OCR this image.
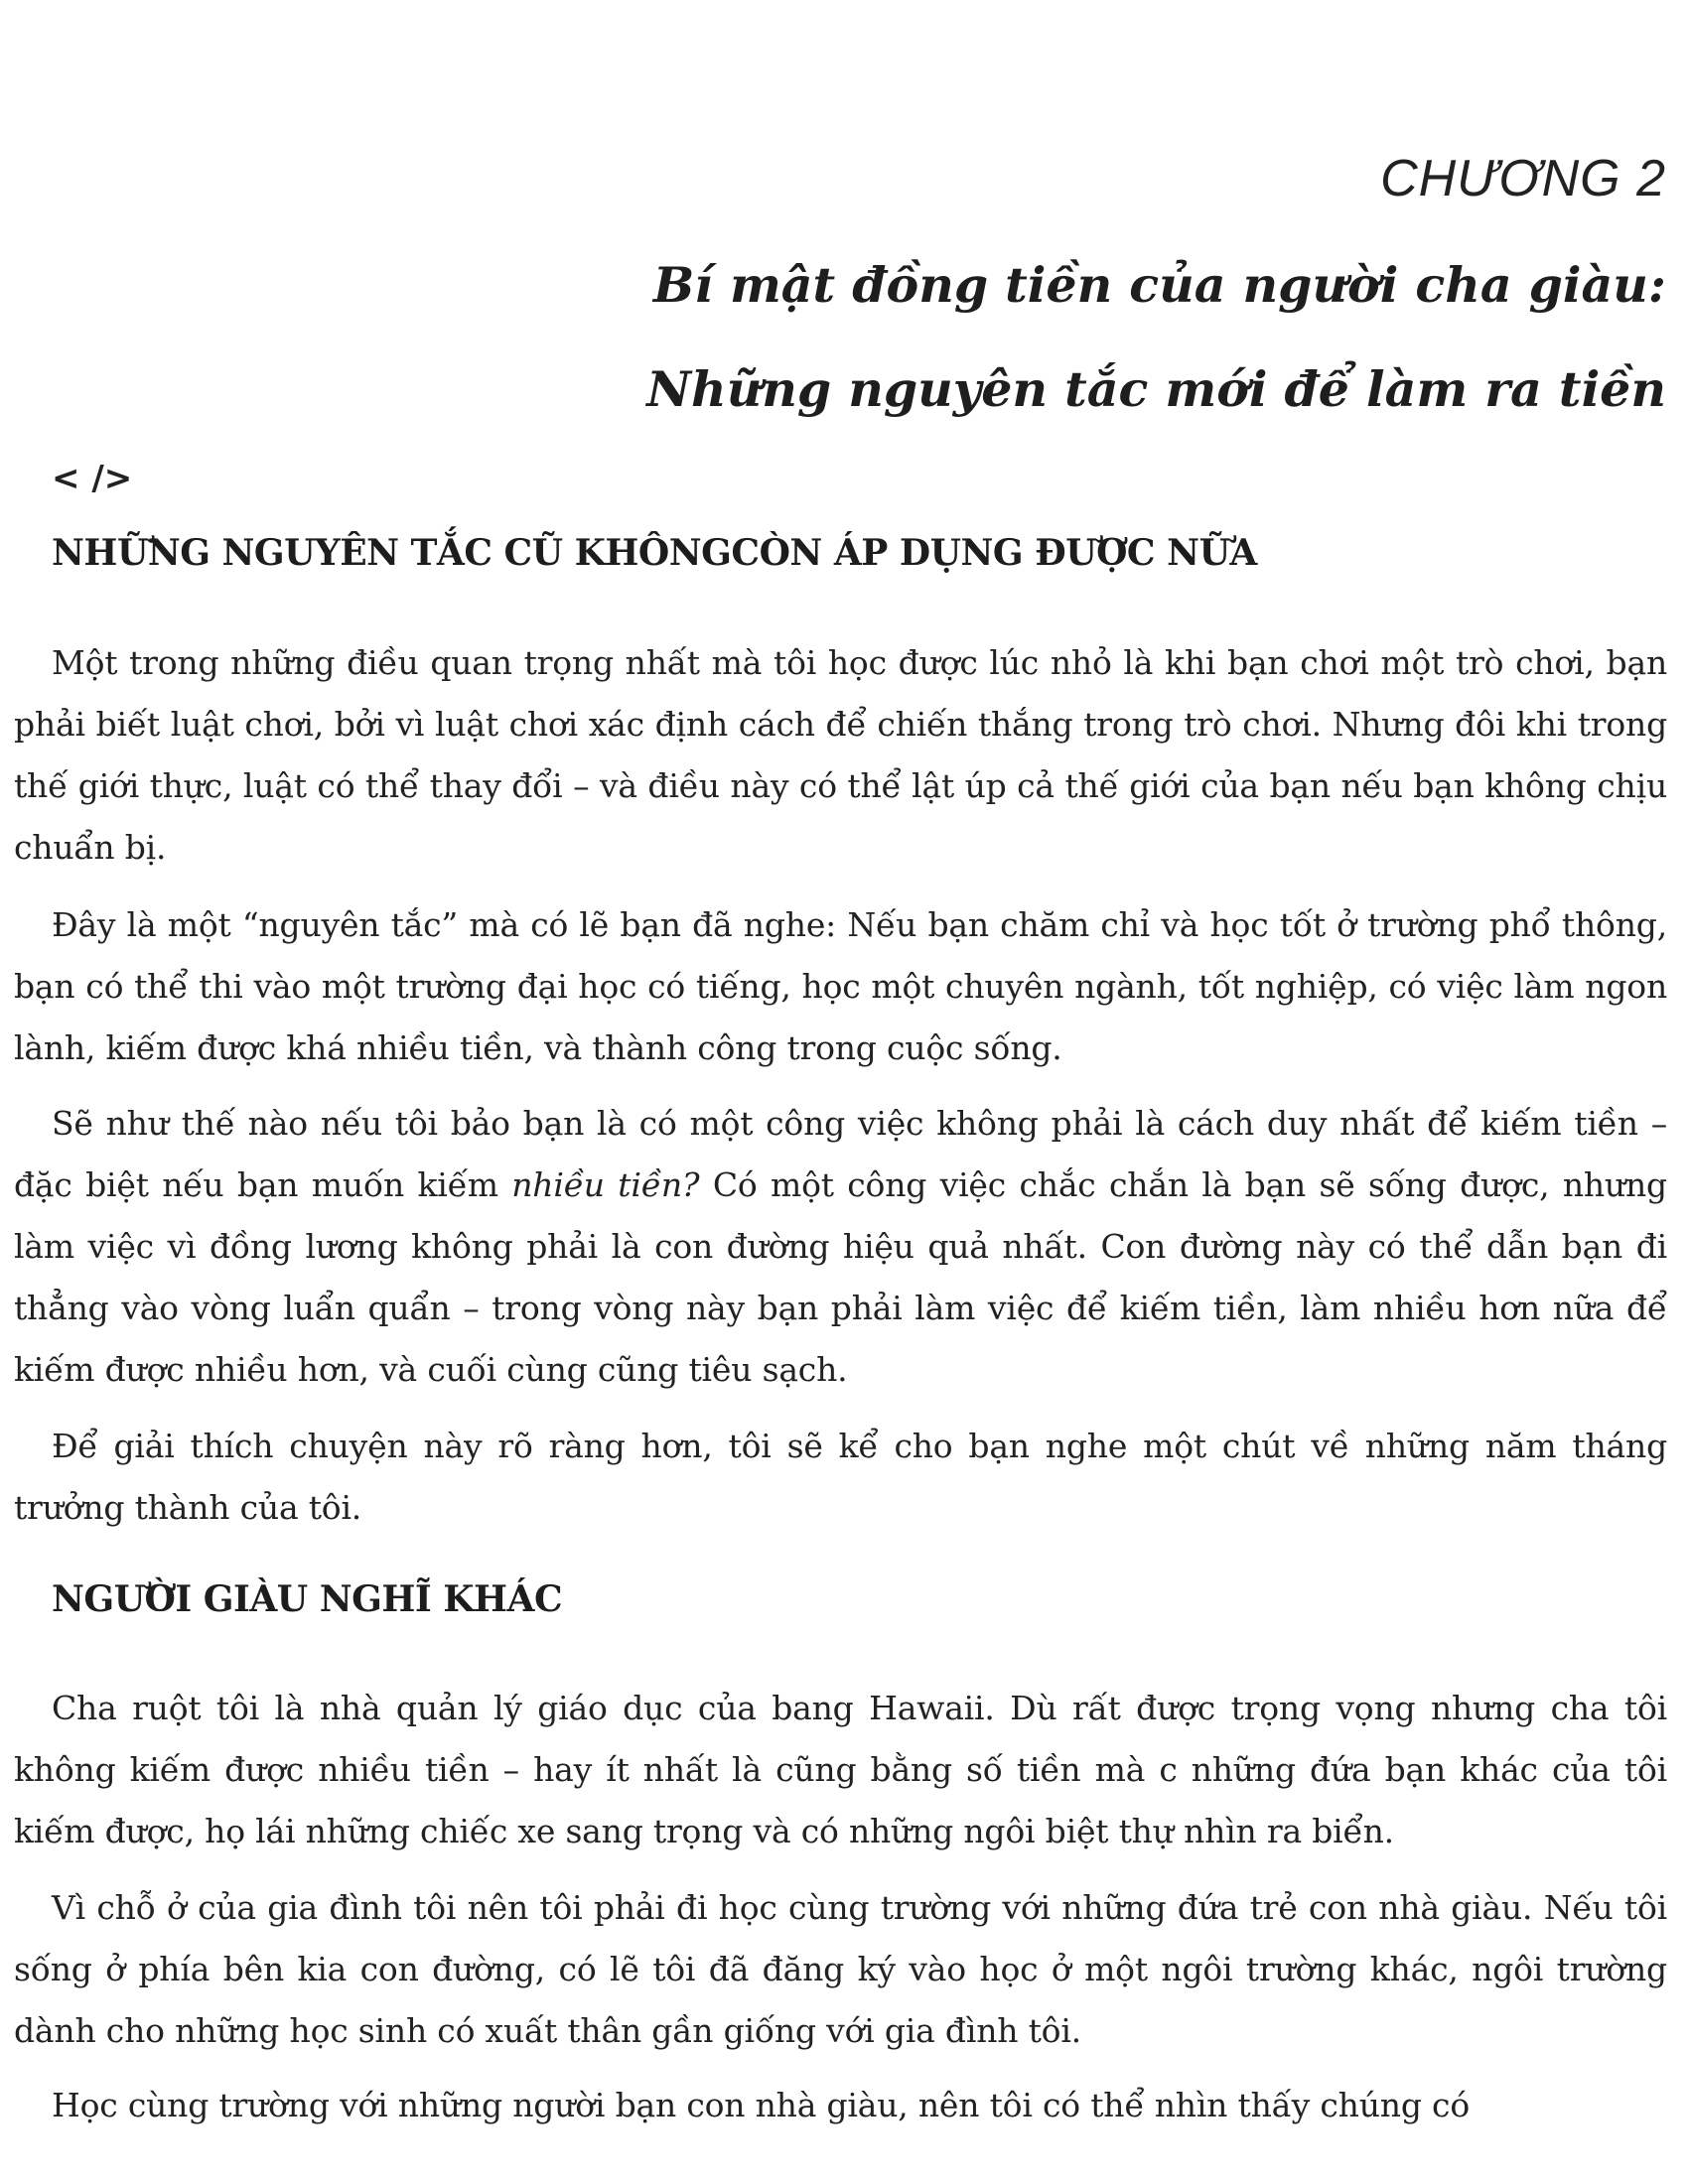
CHƯƠNG 2
Bí mật đồng tiền của người cha giàu:
Những nguyên tắc mới để làm ra tiền
< />
NHỮNG NGUYÊN TẮC CŨ KHÔNGCÒN ÁP DỤNG ĐƯỢC NỮA

Một trong những điều quan trọng nhất mà tôi học được lúc nhỏ là khi bạn chơi một trò chơi, bạn phải biết luật chơi, bởi vì luật chơi xác định cách để chiến thắng trong trò chơi. Nhưng đôi khi trong thế giới thực, luật có thể thay đổi – và điều này có thể lật úp cả thế giới của bạn nếu bạn không chịu chuẩn bị.

Đây là một “nguyên tắc” mà có lẽ bạn đã nghe: Nếu bạn chăm chỉ và học tốt ở trường phổ thông, bạn có thể thi vào một trường đại học có tiếng, học một chuyên ngành, tốt nghiệp, có việc làm ngon lành, kiếm được khá nhiều tiền, và thành công trong cuộc sống.

Sẽ như thế nào nếu tôi bảo bạn là có một công việc không phải là cách duy nhất để kiếm tiền – đặc biệt nếu bạn muốn kiếm nhiều tiền? Có một công việc chắc chắn là bạn sẽ sống được, nhưng làm việc vì đồng lương không phải là con đường hiệu quả nhất. Con đường này có thể dẫn bạn đi thẳng vào vòng luẩn quẩn – trong vòng này bạn phải làm việc để kiếm tiền, làm nhiều hơn nữa để kiếm được nhiều hơn, và cuối cùng cũng tiêu sạch.

Để giải thích chuyện này rõ ràng hơn, tôi sẽ kể cho bạn nghe một chút về những năm tháng trưởng thành của tôi.

NGƯỜI GIÀU NGHĨ KHÁC

Cha ruột tôi là nhà quản lý giáo dục của bang Hawaii. Dù rất được trọng vọng nhưng cha tôi không kiếm được nhiều tiền – hay ít nhất là cũng bằng số tiền mà c những đứa bạn khác của tôi kiếm được, họ lái những chiếc xe sang trọng và có những ngôi biệt thự nhìn ra biển.

Vì chỗ ở của gia đình tôi nên tôi phải đi học cùng trường với những đứa trẻ con nhà giàu. Nếu tôi sống ở phía bên kia con đường, có lẽ tôi đã đăng ký vào học ở một ngôi trường khác, ngôi trường dành cho những học sinh có xuất thân gần giống với gia đình tôi.

Học cùng trường với những người bạn con nhà giàu, nên tôi có thể nhìn thấy chúng có
